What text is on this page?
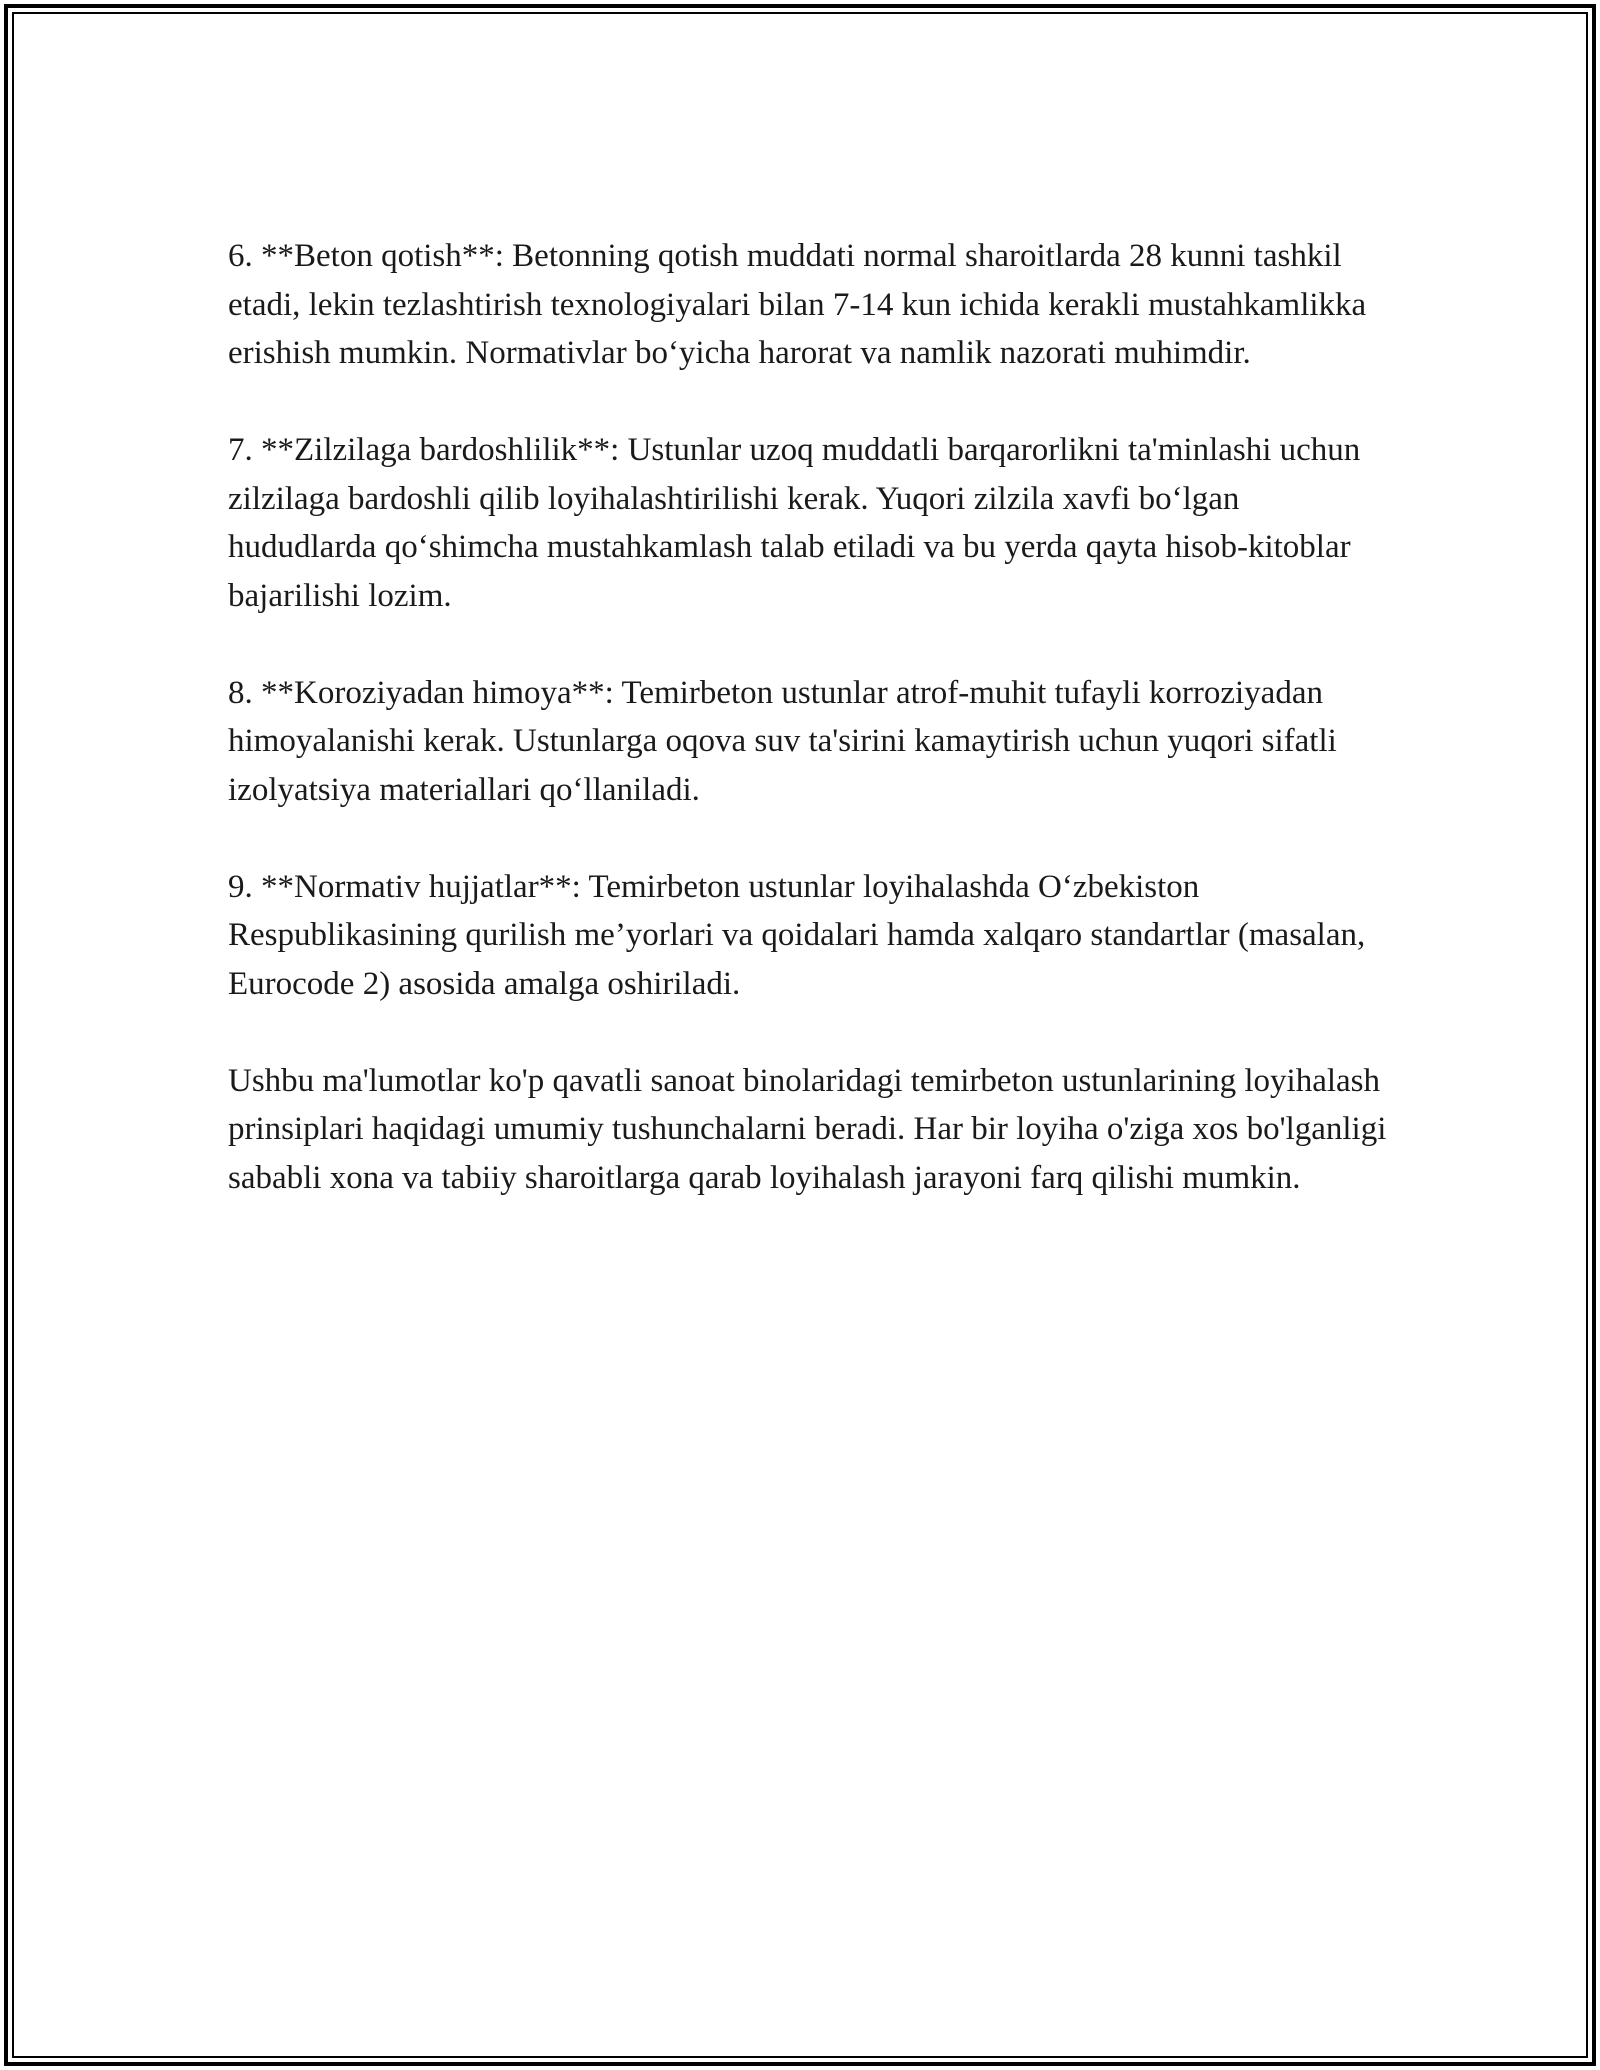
6. **Beton qotish**: Betonning qotish muddati normal sharoitlarda 28 kunni tashkil etadi, lekin tezlashtirish texnologiyalari bilan 7-14 kun ichida kerakli mustahkamlikka erishish mumkin. Normativlar bo‘yicha harorat va namlik nazorati muhimdir.

7. **Zilzilaga bardoshlilik**: Ustunlar uzoq muddatli barqarorlikni ta'minlashi uchun zilzilaga bardoshli qilib loyihalashtirilishi kerak. Yuqori zilzila xavfi bo‘lgan hududlarda qo‘shimcha mustahkamlash talab etiladi va bu yerda qayta hisob-kitoblar bajarilishi lozim.

8. **Koroziyadan himoya**: Temirbeton ustunlar atrof-muhit tufayli korroziyadan himoyalanishi kerak. Ustunlarga oqova suv ta'sirini kamaytirish uchun yuqori sifatli izolyatsiya materiallari qo‘llaniladi.

9. **Normativ hujjatlar**: Temirbeton ustunlar loyihalashda O‘zbekiston Respublikasining qurilish me’yorlari va qoidalari hamda xalqaro standartlar (masalan, Eurocode 2) asosida amalga oshiriladi.

Ushbu ma'lumotlar ko'p qavatli sanoat binolaridagi temirbeton ustunlarining loyihalash prinsiplari haqidagi umumiy tushunchalarni beradi. Har bir loyiha o'ziga xos bo'lganligi sababli xona va tabiiy sharoitlarga qarab loyihalash jarayoni farq qilishi mumkin.
